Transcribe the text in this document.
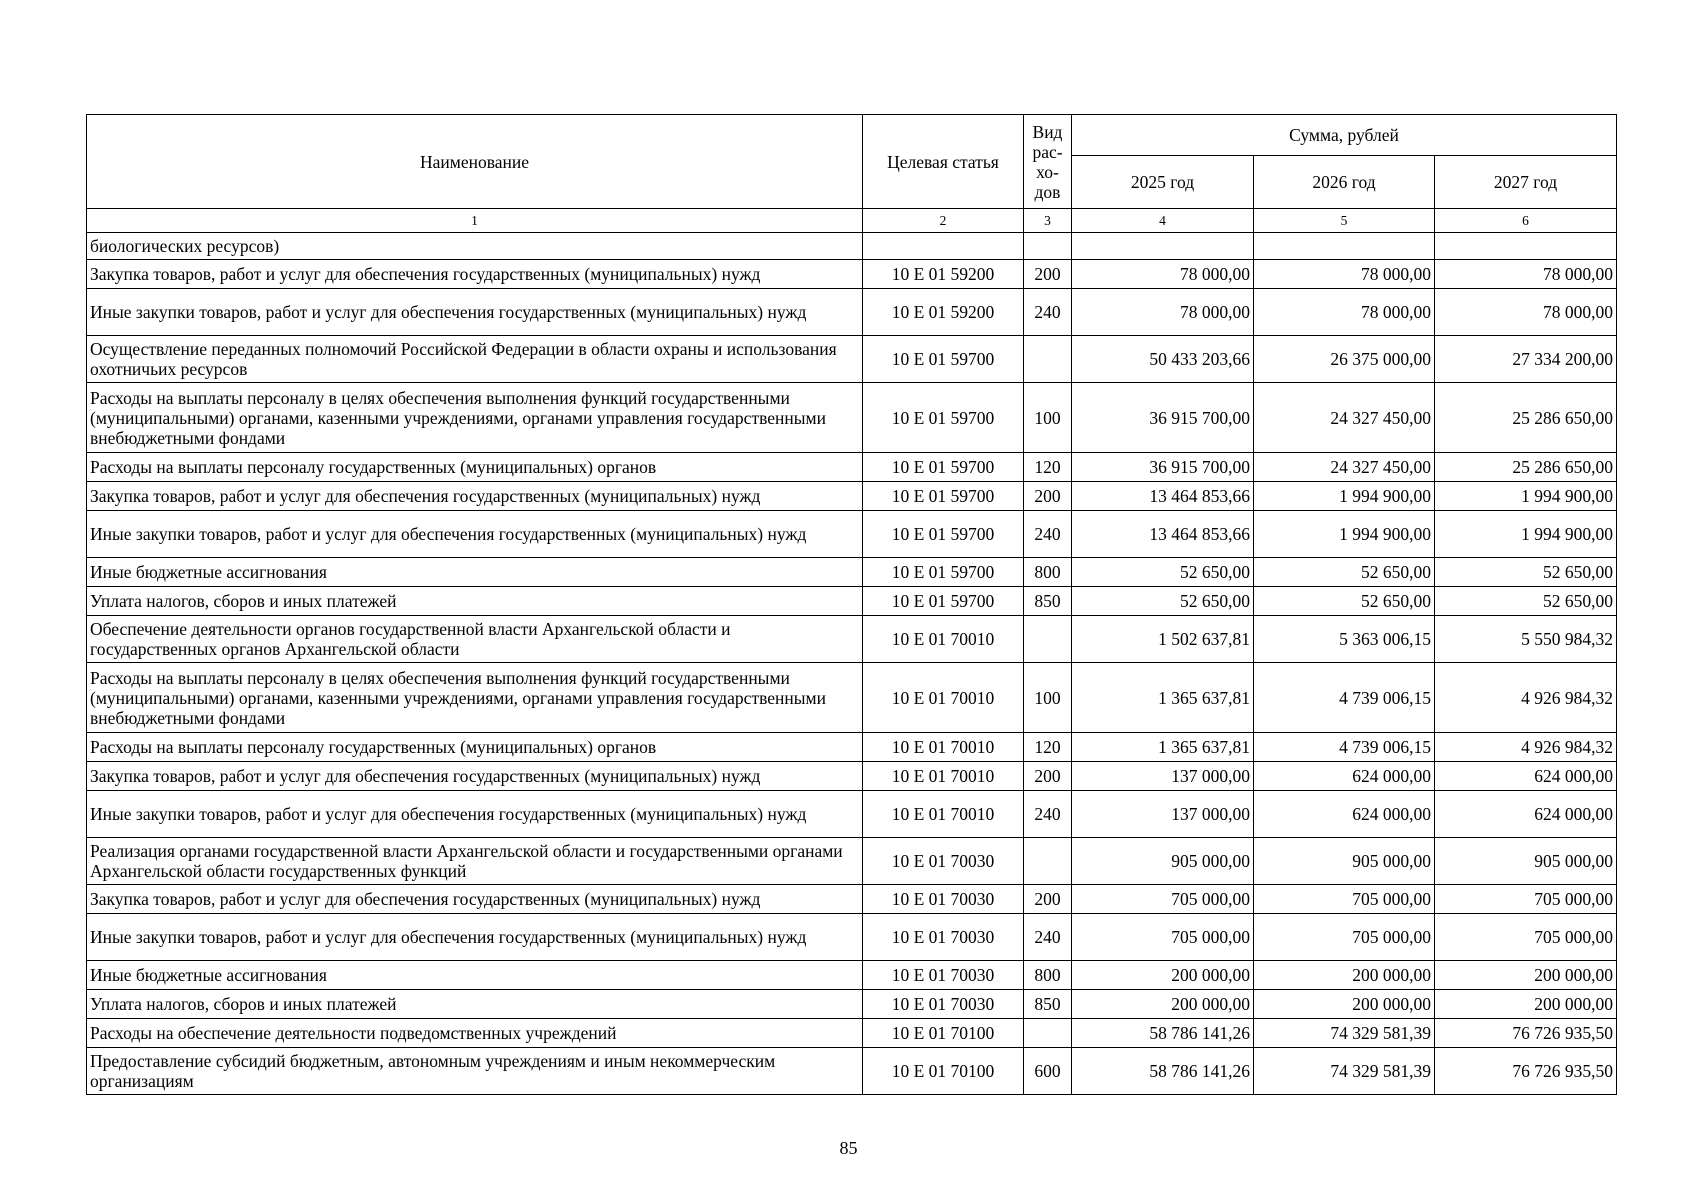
Наименование	Целевая статья	Вид
рас-
хо-
дов	Сумма, рублей		
			2025 год	2026 год	2027 год
1	2	3	4	5	6
биологических ресурсов)					
Закупка товаров, работ и услуг для обеспечения государственных (муниципальных) нужд	10 Е 01 59200	200	78 000,00	78 000,00	78 000,00
Иные закупки товаров, работ и услуг для обеспечения государственных (муниципальных) нужд	10 Е 01 59200	240	78 000,00	78 000,00	78 000,00
Осуществление переданных полномочий Российской Федерации в области охраны и использования охотничьих ресурсов	10 Е 01 59700		50 433 203,66	26 375 000,00	27 334 200,00
Расходы на выплаты персоналу в целях обеспечения выполнения функций государственными (муниципальными) органами, казенными учреждениями, органами управления государственными внебюджетными фондами	10 Е 01 59700	100	36 915 700,00	24 327 450,00	25 286 650,00
Расходы на выплаты персоналу государственных (муниципальных) органов	10 Е 01 59700	120	36 915 700,00	24 327 450,00	25 286 650,00
Закупка товаров, работ и услуг для обеспечения государственных (муниципальных) нужд	10 Е 01 59700	200	13 464 853,66	1 994 900,00	1 994 900,00
Иные закупки товаров, работ и услуг для обеспечения государственных (муниципальных) нужд	10 Е 01 59700	240	13 464 853,66	1 994 900,00	1 994 900,00
Иные бюджетные ассигнования	10 Е 01 59700	800	52 650,00	52 650,00	52 650,00
Уплата налогов, сборов и иных платежей	10 Е 01 59700	850	52 650,00	52 650,00	52 650,00
Обеспечение деятельности органов государственной власти Архангельской области и государственных органов Архангельской области	10 Е 01 70010		1 502 637,81	5 363 006,15	5 550 984,32
Расходы на выплаты персоналу в целях обеспечения выполнения функций государственными (муниципальными) органами, казенными учреждениями, органами управления государственными внебюджетными фондами	10 Е 01 70010	100	1 365 637,81	4 739 006,15	4 926 984,32
Расходы на выплаты персоналу государственных (муниципальных) органов	10 Е 01 70010	120	1 365 637,81	4 739 006,15	4 926 984,32
Закупка товаров, работ и услуг для обеспечения государственных (муниципальных) нужд	10 Е 01 70010	200	137 000,00	624 000,00	624 000,00
Иные закупки товаров, работ и услуг для обеспечения государственных (муниципальных) нужд	10 Е 01 70010	240	137 000,00	624 000,00	624 000,00
Реализация органами государственной власти Архангельской области и государственными органами Архангельской области государственных функций	10 Е 01 70030		905 000,00	905 000,00	905 000,00
Закупка товаров, работ и услуг для обеспечения государственных (муниципальных) нужд	10 Е 01 70030	200	705 000,00	705 000,00	705 000,00
Иные закупки товаров, работ и услуг для обеспечения государственных (муниципальных) нужд	10 Е 01 70030	240	705 000,00	705 000,00	705 000,00
Иные бюджетные ассигнования	10 Е 01 70030	800	200 000,00	200 000,00	200 000,00
Уплата налогов, сборов и иных платежей	10 Е 01 70030	850	200 000,00	200 000,00	200 000,00
Расходы на обеспечение деятельности подведомственных учреждений	10 Е 01 70100		58 786 141,26	74 329 581,39	76 726 935,50
Предоставление субсидий бюджетным, автономным учреждениям и иным некоммерческим организациям	10 Е 01 70100	600	58 786 141,26	74 329 581,39	76 726 935,50
85
